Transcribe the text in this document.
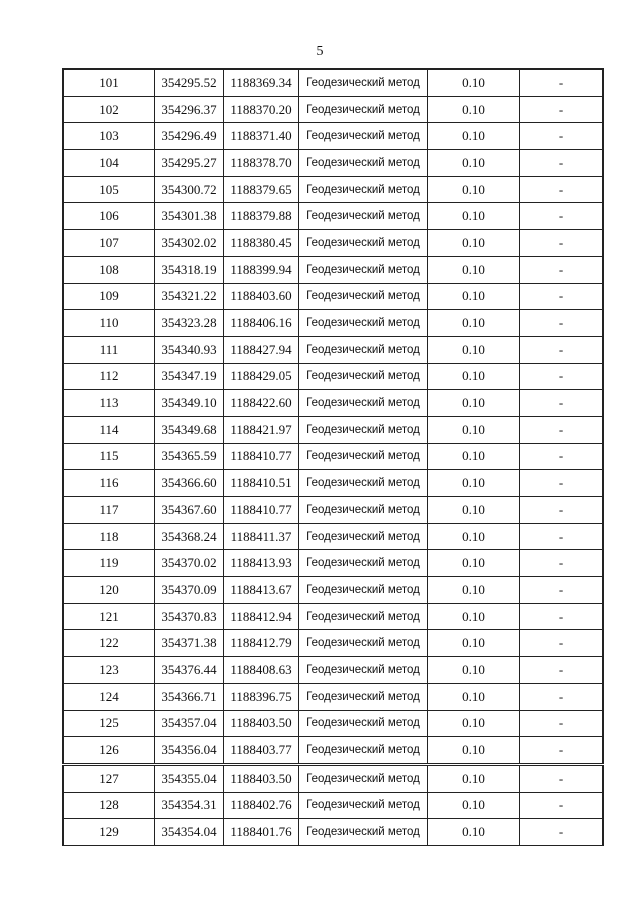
5
101	354295.52	1188369.34	Геодезический метод	0.10	-
102	354296.37	1188370.20	Геодезический метод	0.10	-
103	354296.49	1188371.40	Геодезический метод	0.10	-
104	354295.27	1188378.70	Геодезический метод	0.10	-
105	354300.72	1188379.65	Геодезический метод	0.10	-
106	354301.38	1188379.88	Геодезический метод	0.10	-
107	354302.02	1188380.45	Геодезический метод	0.10	-
108	354318.19	1188399.94	Геодезический метод	0.10	-
109	354321.22	1188403.60	Геодезический метод	0.10	-
110	354323.28	1188406.16	Геодезический метод	0.10	-
111	354340.93	1188427.94	Геодезический метод	0.10	-
112	354347.19	1188429.05	Геодезический метод	0.10	-
113	354349.10	1188422.60	Геодезический метод	0.10	-
114	354349.68	1188421.97	Геодезический метод	0.10	-
115	354365.59	1188410.77	Геодезический метод	0.10	-
116	354366.60	1188410.51	Геодезический метод	0.10	-
117	354367.60	1188410.77	Геодезический метод	0.10	-
118	354368.24	1188411.37	Геодезический метод	0.10	-
119	354370.02	1188413.93	Геодезический метод	0.10	-
120	354370.09	1188413.67	Геодезический метод	0.10	-
121	354370.83	1188412.94	Геодезический метод	0.10	-
122	354371.38	1188412.79	Геодезический метод	0.10	-
123	354376.44	1188408.63	Геодезический метод	0.10	-
124	354366.71	1188396.75	Геодезический метод	0.10	-
125	354357.04	1188403.50	Геодезический метод	0.10	-
126	354356.04	1188403.77	Геодезический метод	0.10	-
127	354355.04	1188403.50	Геодезический метод	0.10	-
128	354354.31	1188402.76	Геодезический метод	0.10	-
129	354354.04	1188401.76	Геодезический метод	0.10	-
